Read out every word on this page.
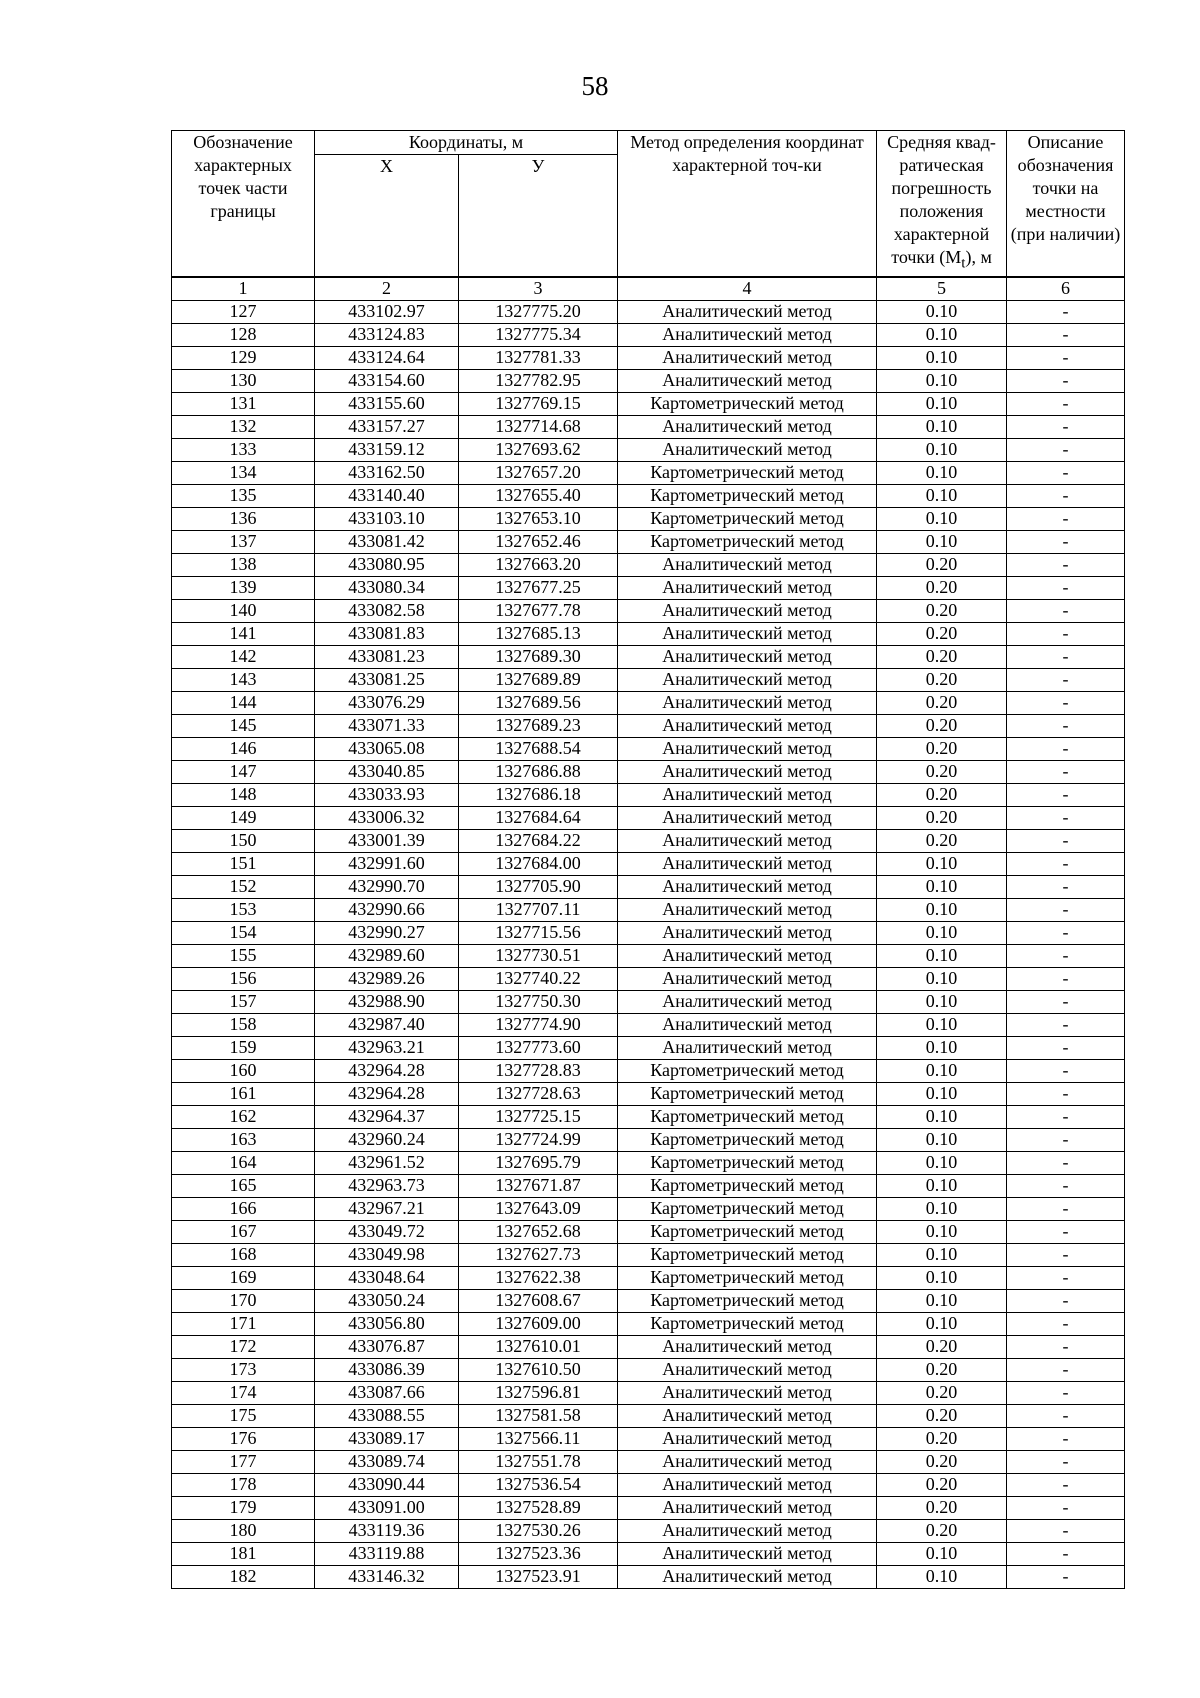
58
Обозначение характерных точек части границы	Координаты, м		Метод определения координат характерной точ-ки	Средняя квад-ратическая погрешность положения характерной точки $(M_t)$, м	Описание обозначения точки на местности (при наличии)
	Х	У			
1	2	3	4	5	6
127	433102.97	1327775.20	Аналитический метод	0.10	-
128	433124.83	1327775.34	Аналитический метод	0.10	-
129	433124.64	1327781.33	Аналитический метод	0.10	-
130	433154.60	1327782.95	Аналитический метод	0.10	-
131	433155.60	1327769.15	Картометрический метод	0.10	-
132	433157.27	1327714.68	Аналитический метод	0.10	-
133	433159.12	1327693.62	Аналитический метод	0.10	-
134	433162.50	1327657.20	Картометрический метод	0.10	-
135	433140.40	1327655.40	Картометрический метод	0.10	-
136	433103.10	1327653.10	Картометрический метод	0.10	-
137	433081.42	1327652.46	Картометрический метод	0.10	-
138	433080.95	1327663.20	Аналитический метод	0.20	-
139	433080.34	1327677.25	Аналитический метод	0.20	-
140	433082.58	1327677.78	Аналитический метод	0.20	-
141	433081.83	1327685.13	Аналитический метод	0.20	-
142	433081.23	1327689.30	Аналитический метод	0.20	-
143	433081.25	1327689.89	Аналитический метод	0.20	-
144	433076.29	1327689.56	Аналитический метод	0.20	-
145	433071.33	1327689.23	Аналитический метод	0.20	-
146	433065.08	1327688.54	Аналитический метод	0.20	-
147	433040.85	1327686.88	Аналитический метод	0.20	-
148	433033.93	1327686.18	Аналитический метод	0.20	-
149	433006.32	1327684.64	Аналитический метод	0.20	-
150	433001.39	1327684.22	Аналитический метод	0.20	-
151	432991.60	1327684.00	Аналитический метод	0.10	-
152	432990.70	1327705.90	Аналитический метод	0.10	-
153	432990.66	1327707.11	Аналитический метод	0.10	-
154	432990.27	1327715.56	Аналитический метод	0.10	-
155	432989.60	1327730.51	Аналитический метод	0.10	-
156	432989.26	1327740.22	Аналитический метод	0.10	-
157	432988.90	1327750.30	Аналитический метод	0.10	-
158	432987.40	1327774.90	Аналитический метод	0.10	-
159	432963.21	1327773.60	Аналитический метод	0.10	-
160	432964.28	1327728.83	Картометрический метод	0.10	-
161	432964.28	1327728.63	Картометрический метод	0.10	-
162	432964.37	1327725.15	Картометрический метод	0.10	-
163	432960.24	1327724.99	Картометрический метод	0.10	-
164	432961.52	1327695.79	Картометрический метод	0.10	-
165	432963.73	1327671.87	Картометрический метод	0.10	-
166	432967.21	1327643.09	Картометрический метод	0.10	-
167	433049.72	1327652.68	Картометрический метод	0.10	-
168	433049.98	1327627.73	Картометрический метод	0.10	-
169	433048.64	1327622.38	Картометрический метод	0.10	-
170	433050.24	1327608.67	Картометрический метод	0.10	-
171	433056.80	1327609.00	Картометрический метод	0.10	-
172	433076.87	1327610.01	Аналитический метод	0.20	-
173	433086.39	1327610.50	Аналитический метод	0.20	-
174	433087.66	1327596.81	Аналитический метод	0.20	-
175	433088.55	1327581.58	Аналитический метод	0.20	-
176	433089.17	1327566.11	Аналитический метод	0.20	-
177	433089.74	1327551.78	Аналитический метод	0.20	-
178	433090.44	1327536.54	Аналитический метод	0.20	-
179	433091.00	1327528.89	Аналитический метод	0.20	-
180	433119.36	1327530.26	Аналитический метод	0.20	-
181	433119.88	1327523.36	Аналитический метод	0.10	-
182	433146.32	1327523.91	Аналитический метод	0.10	-
